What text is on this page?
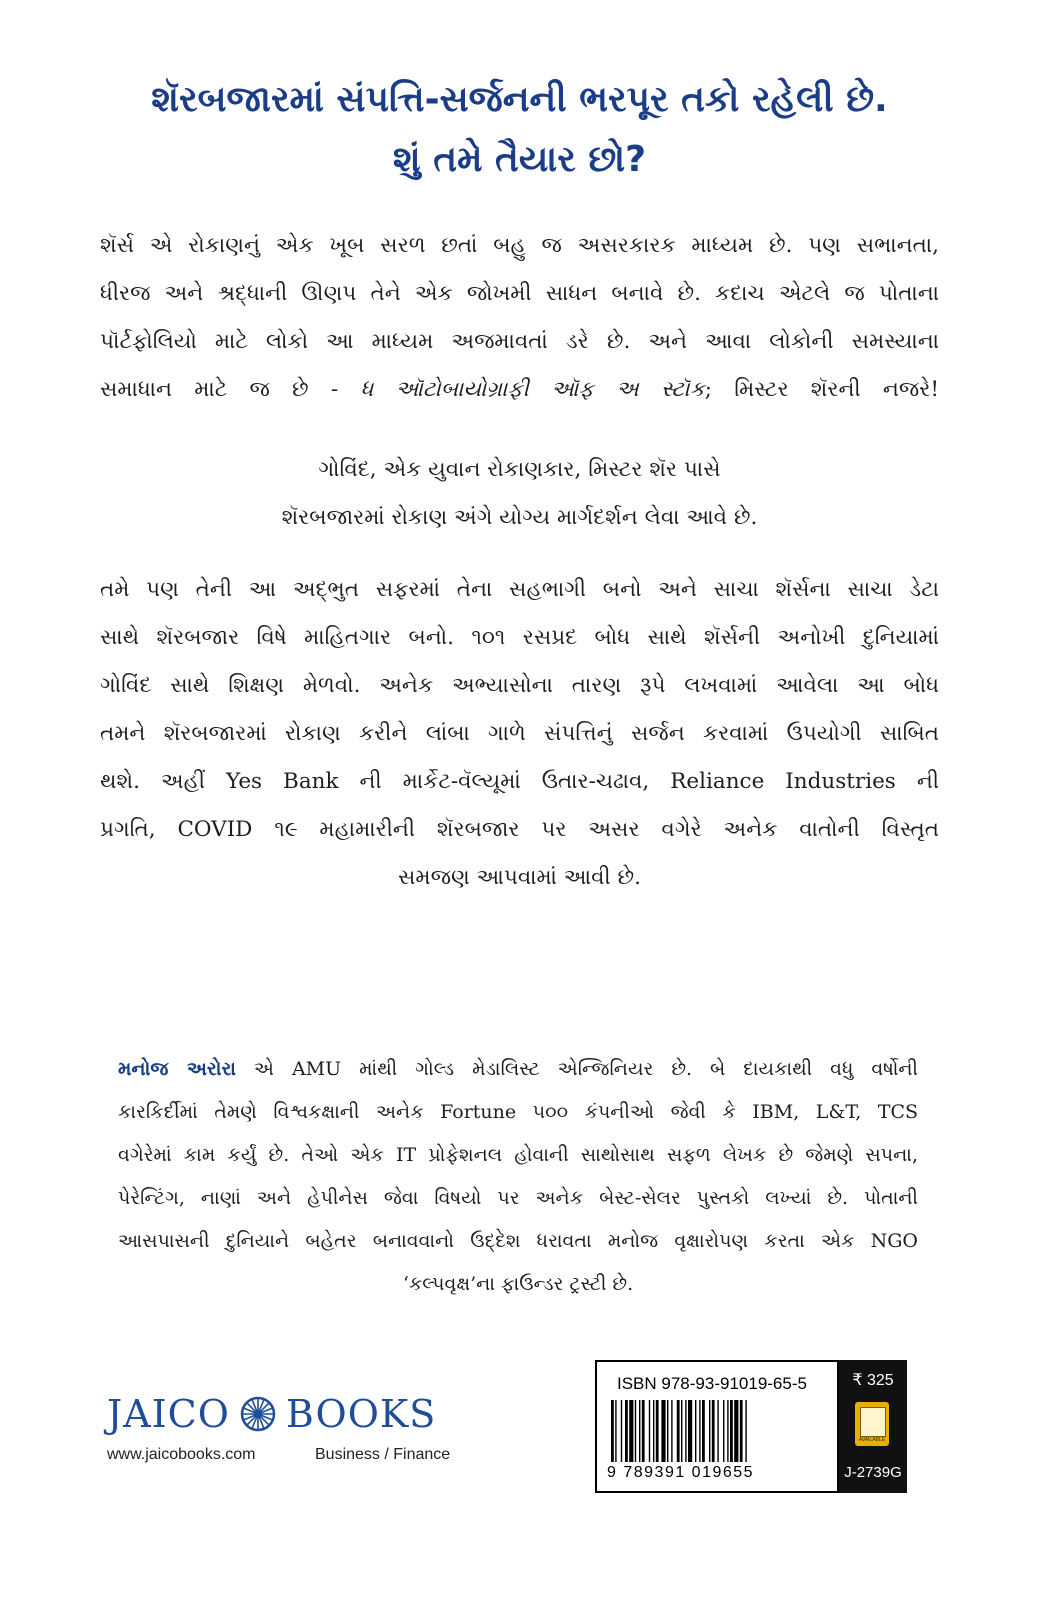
શૅરબજારમાં સંપત્તિ-સર્જનની ભરપૂર તકો રહેલી છે.
શું તમે તૈયાર છો?
શૅર્સ એ રોકાણનું એક ખૂબ સરળ છતાં બહુ જ અસરકારક માધ્યમ છે. પણ સભાનતા,
ધીરજ અને શ્રદ્ધાની ઊણપ તેને એક જોખમી સાધન બનાવે છે. કદાચ એટલે જ પોતાના
પૉર્ટફોલિયો માટે લોકો આ માધ્યમ અજમાવતાં ડરે છે. અને આવા લોકોની સમસ્યાના
સમાધાન માટે જ છે - ધ ઑટોબાયોગ્રાફી ઑફ અ સ્ટૉક; મિસ્ટર શૅરની નજરે!
ગોવિંદ, એક યુવાન રોકાણકાર, મિસ્ટર શૅર પાસે
શૅરબજારમાં રોકાણ અંગે યોગ્ય માર્ગદર્શન લેવા આવે છે.
તમે પણ તેની આ અદ્ભુત સફરમાં તેના સહભાગી બનો અને સાચા શૅર્સના સાચા ડેટા
સાથે શૅરબજાર વિષે માહિતગાર બનો. ૧૦૧ રસપ્રદ બોધ સાથે શૅર્સની અનોખી દુનિયામાં
ગોવિંદ સાથે શિક્ષણ મેળવો. અનેક અભ્યાસોના તારણ રૂપે લખવામાં આવેલા આ બોધ
તમને શૅરબજારમાં રોકાણ કરીને લાંબા ગાળે સંપત્તિનું સર્જન કરવામાં ઉપયોગી સાબિત
થશે. અહીં Yes Bank ની માર્કેટ-વૅલ્યૂમાં ઉતાર-ચઢાવ, Reliance Industries ની
પ્રગતિ, COVID ૧૯ મહામારીની શૅરબજાર પર અસર વગેરે અનેક વાતોની વિસ્તૃત
સમજણ આપવામાં આવી છે.
મનોજ અરોરા એ AMU માંથી ગોલ્ડ મેડાલિસ્ટ એન્જિનિયર છે. બે દાયકાથી વધુ વર્ષોની
કારકિર્દીમાં તેમણે વિશ્વકક્ષાની અનેક Fortune ૫૦૦ કંપનીઓ જેવી કે IBM, L&T, TCS
વગેરેમાં કામ કર્યું છે. તેઓ એક IT પ્રોફેશનલ હોવાની સાથોસાથ સફળ લેખક છે જેમણે સપના,
પેરેન્ટિંગ, નાણાં અને હેપીનેસ જેવા વિષયો પર અનેક બેસ્ટ-સેલર પુસ્તકો લખ્યાં છે. પોતાની
આસપાસની દુનિયાને બહેતર બનાવવાનો ઉદ્દેશ ધરાવતા મનોજ વૃક્ષારોપણ કરતા એક NGO
‘કલ્પવૃક્ષ’ના ફાઉન્ડર ટ્રસ્ટી છે.
JAICO BOOKS
www.jaicobooks.com	Business / Finance
ISBN 978-93-91019-65-5
9 789391 019655
₹ 325
AVAILABLE
J-2739G
